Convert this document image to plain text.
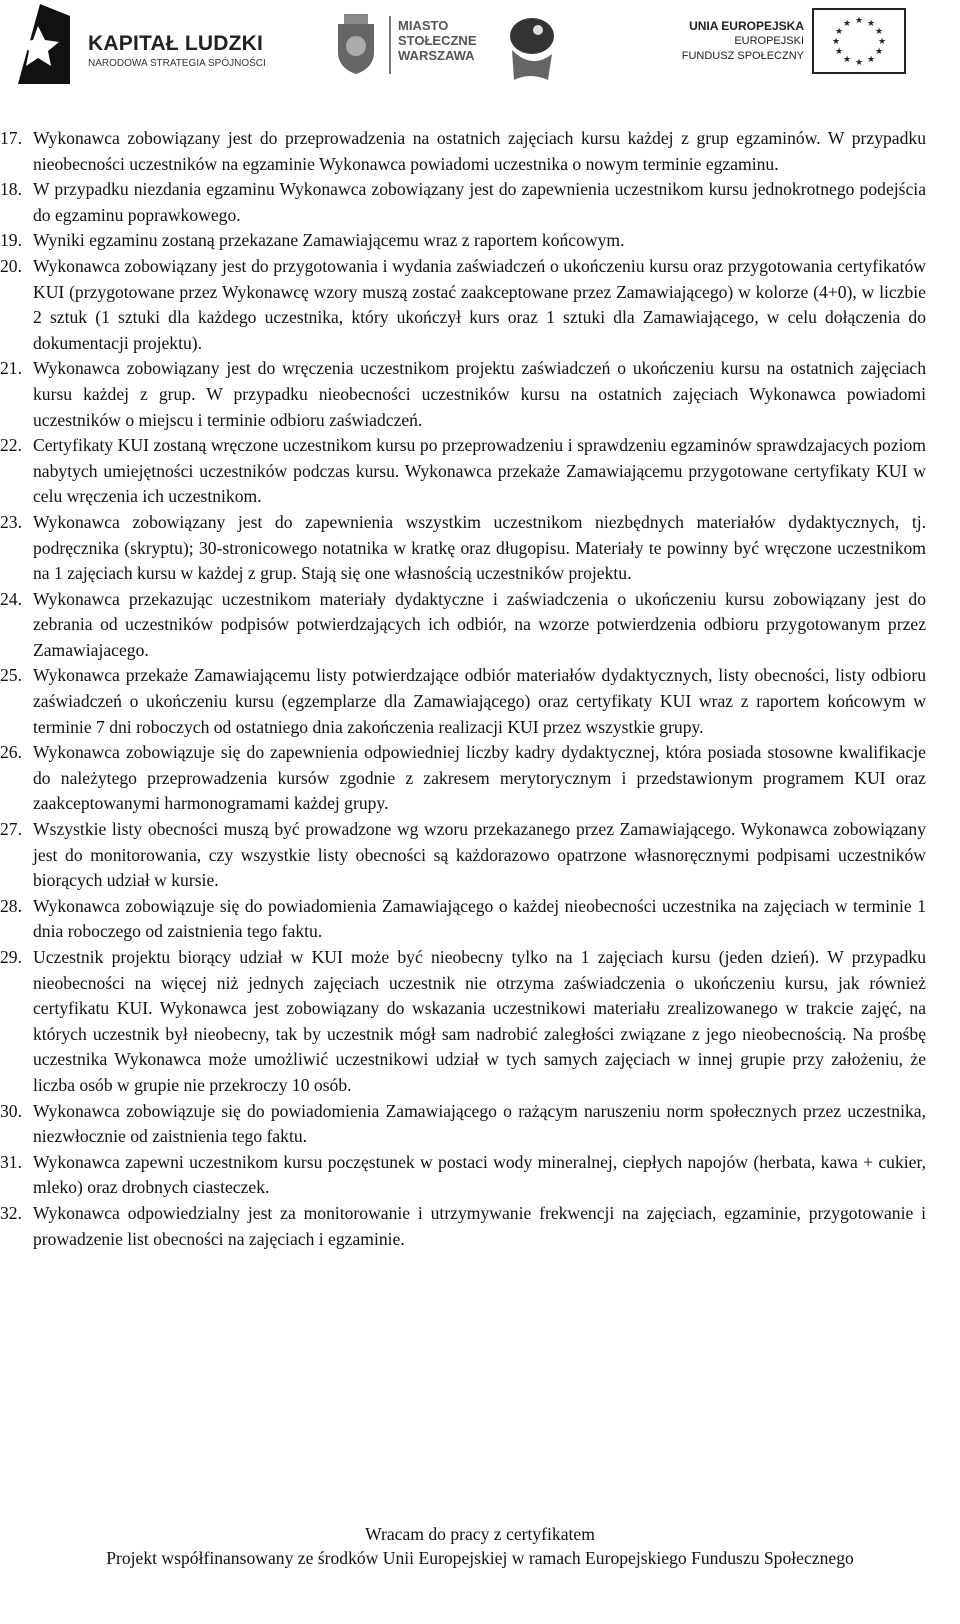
KAPITAŁ LUDZKI
NARODOWA STRATEGIA SPÓJNOŚCI
MIASTO
STOŁECZNE
WARSZAWA
UNIA EUROPEJSKA
EUROPEJSKI
FUNDUSZ SPOŁECZNY
★ ★
★
★
★
★
★
★
★
★
★
★
17. Wykonawca zobowiązany jest do przeprowadzenia na ostatnich zajęciach kursu każdej z grup egzaminów. W przypadku nieobecności uczestników na egzaminie Wykonawca powiadomi uczestnika o nowym terminie egzaminu.
18. W przypadku niezdania egzaminu Wykonawca zobowiązany jest do zapewnienia uczestnikom kursu jednokrotnego podejścia do egzaminu poprawkowego.
19. Wyniki egzaminu zostaną przekazane Zamawiającemu wraz z raportem końcowym.
20. Wykonawca zobowiązany jest do przygotowania i wydania zaświadczeń o ukończeniu kursu oraz przygotowania certyfikatów KUI (przygotowane przez Wykonawcę wzory muszą zostać zaakceptowane przez Zamawiającego) w kolorze (4+0), w liczbie 2 sztuk (1 sztuki dla każdego uczestnika, który ukończył kurs oraz 1 sztuki dla Zamawiającego, w celu dołączenia do dokumentacji projektu).
21. Wykonawca zobowiązany jest do wręczenia uczestnikom projektu zaświadczeń o ukończeniu kursu na ostatnich zajęciach kursu każdej z grup. W przypadku nieobecności uczestników kursu na ostatnich zajęciach Wykonawca powiadomi uczestników o miejscu i terminie odbioru zaświadczeń.
22. Certyfikaty KUI zostaną wręczone uczestnikom kursu po przeprowadzeniu i sprawdzeniu egzaminów sprawdzajacych poziom nabytych umiejętności uczestników podczas kursu. Wykonawca przekaże Zamawiającemu przygotowane certyfikaty KUI w celu wręczenia ich uczestnikom.
23. Wykonawca zobowiązany jest do zapewnienia wszystkim uczestnikom niezbędnych materiałów dydaktycznych, tj. podręcznika (skryptu); 30-stronicowego notatnika w kratkę oraz długopisu. Materiały te powinny być wręczone uczestnikom na 1 zajęciach kursu w każdej z grup. Stają się one własnością uczestników projektu.
24. Wykonawca przekazując uczestnikom materiały dydaktyczne i zaświadczenia o ukończeniu kursu zobowiązany jest do zebrania od uczestników podpisów potwierdzających ich odbiór, na wzorze potwierdzenia odbioru przygotowanym przez Zamawiajacego.
25. Wykonawca przekaże Zamawiającemu listy potwierdzające odbiór materiałów dydaktycznych, listy obecności, listy odbioru zaświadczeń o ukończeniu kursu (egzemplarze dla Zamawiającego) oraz certyfikaty KUI wraz z raportem końcowym w terminie 7 dni roboczych od ostatniego dnia zakończenia realizacji KUI przez wszystkie grupy.
26. Wykonawca zobowiązuje się do zapewnienia odpowiedniej liczby kadry dydaktycznej, która posiada stosowne kwalifikacje do należytego przeprowadzenia kursów zgodnie z zakresem merytorycznym i przedstawionym programem KUI oraz zaakceptowanymi harmonogramami każdej grupy.
27. Wszystkie listy obecności muszą być prowadzone wg wzoru przekazanego przez Zamawiającego. Wykonawca zobowiązany jest do monitorowania, czy wszystkie listy obecności są każdorazowo opatrzone własnoręcznymi podpisami uczestników biorących udział w kursie.
28. Wykonawca zobowiązuje się do powiadomienia Zamawiającego o każdej nieobecności uczestnika na zajęciach w terminie 1 dnia roboczego od zaistnienia tego faktu.
29. Uczestnik projektu biorący udział w KUI może być nieobecny tylko na 1 zajęciach kursu (jeden dzień). W przypadku nieobecności na więcej niż jednych zajęciach uczestnik nie otrzyma zaświadczenia o ukończeniu kursu, jak również certyfikatu KUI. Wykonawca jest zobowiązany do wskazania uczestnikowi materiału zrealizowanego w trakcie zajęć, na których uczestnik był nieobecny, tak by uczestnik mógł sam nadrobić zaległości związane z jego nieobecnością. Na prośbę uczestnika Wykonawca może umożliwić uczestnikowi udział w tych samych zajęciach w innej grupie przy założeniu, że liczba osób w grupie nie przekroczy 10 osób.
30. Wykonawca zobowiązuje się do powiadomienia Zamawiającego o rażącym naruszeniu norm społecznych przez uczestnika, niezwłocznie od zaistnienia tego faktu.
31. Wykonawca zapewni uczestnikom kursu poczęstunek w postaci wody mineralnej, ciepłych napojów (herbata, kawa + cukier, mleko) oraz drobnych ciasteczek.
32. Wykonawca odpowiedzialny jest za monitorowanie i utrzymywanie frekwencji na zajęciach, egzaminie, przygotowanie i prowadzenie list obecności na zajęciach i egzaminie.
Wracam do pracy z certyfikatem
Projekt współfinansowany ze środków Unii Europejskiej w ramach Europejskiego Funduszu Społecznego
